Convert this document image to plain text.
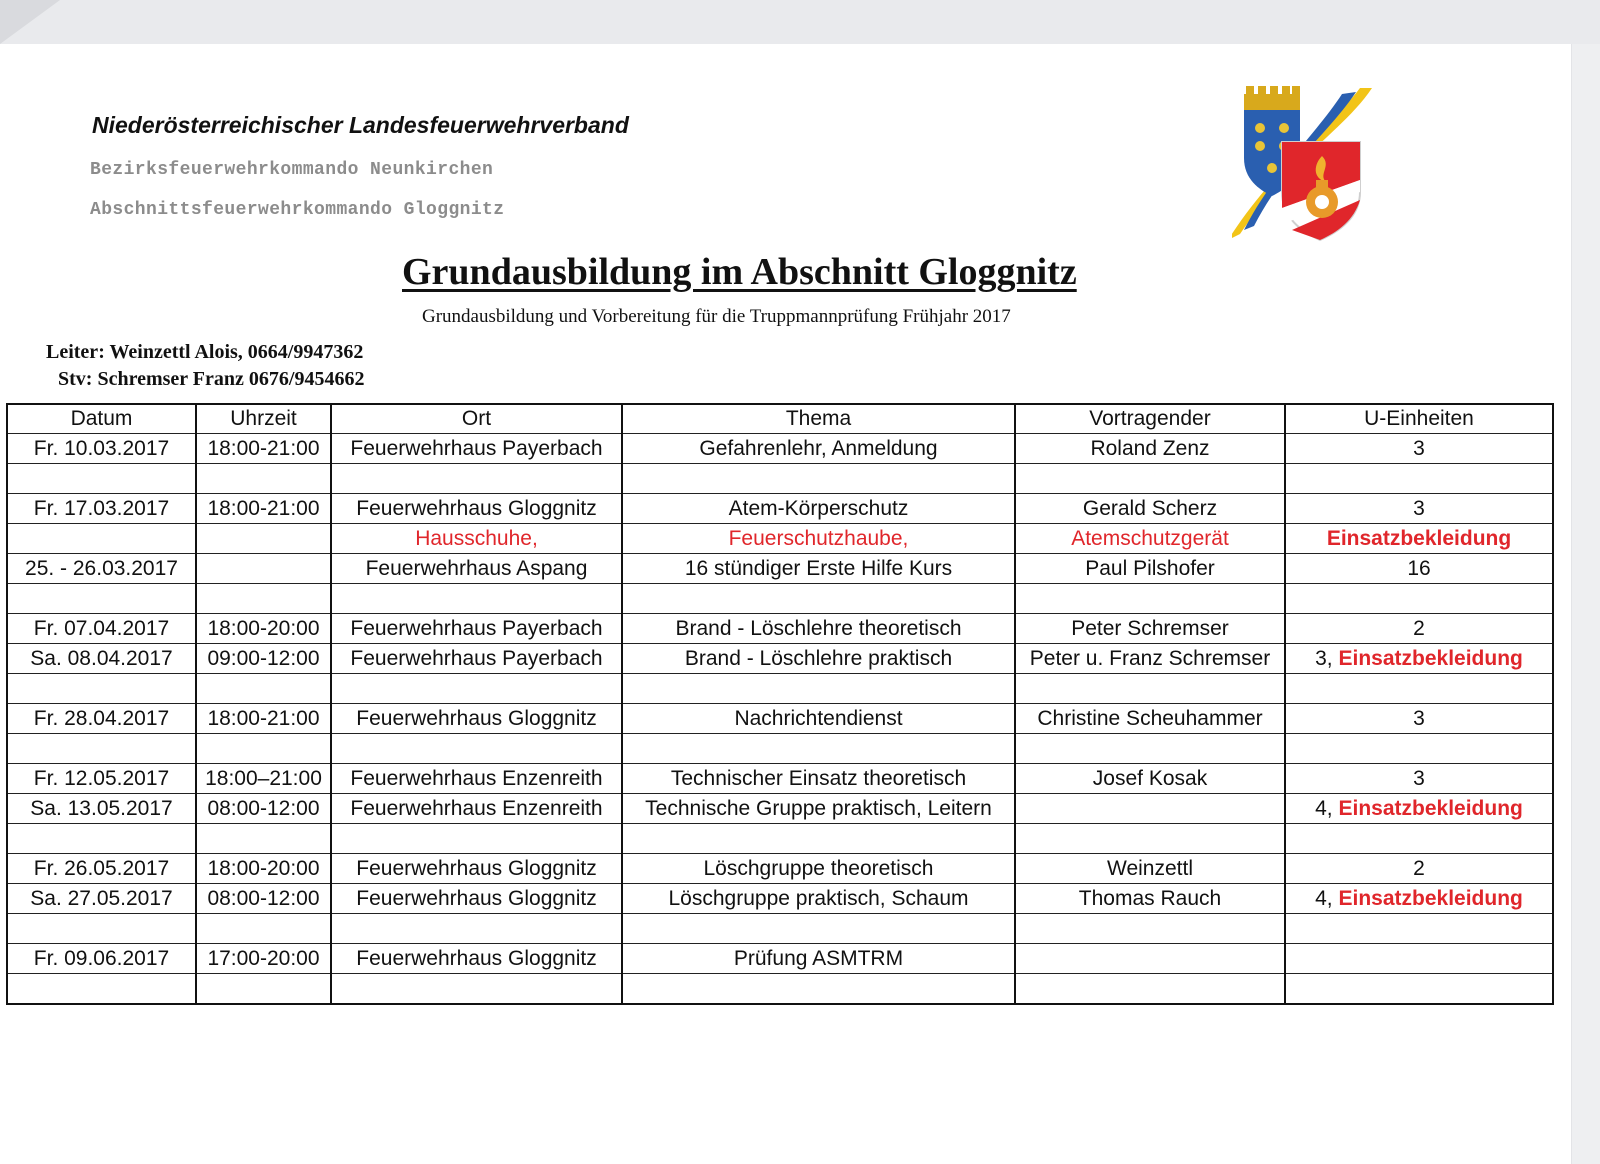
Niederösterreichischer Landesfeuerwehrverband
Bezirksfeuerwehrkommando Neunkirchen
Abschnittsfeuerwehrkommando Gloggnitz
Grundausbildung im Abschnitt Gloggnitz
Grundausbildung und Vorbereitung für die Truppmannprüfung Frühjahr 2017
Leiter: Weinzettl Alois, 0664/9947362
Stv: Schremser Franz 0676/9454662
Datum	Uhrzeit	Ort	Thema	Vortragender	U-Einheiten
Fr. 10.03.2017	18:00-21:00	Feuerwehrhaus Payerbach	Gefahrenlehr, Anmeldung	Roland Zenz	3

Fr. 17.03.2017	18:00-21:00	Feuerwehrhaus Gloggnitz	Atem-Körperschutz	Gerald Scherz	3
		Hausschuhe,	Feuerschutzhaube,	Atemschutzgerät	Einsatzbekleidung
25. - 26.03.2017		Feuerwehrhaus Aspang	16 stündiger Erste Hilfe Kurs	Paul Pilshofer	16

Fr. 07.04.2017	18:00-20:00	Feuerwehrhaus Payerbach	Brand - Löschlehre theoretisch	Peter Schremser	2
Sa. 08.04.2017	09:00-12:00	Feuerwehrhaus Payerbach	Brand - Löschlehre praktisch	Peter u. Franz Schremser	3, Einsatzbekleidung

Fr. 28.04.2017	18:00-21:00	Feuerwehrhaus Gloggnitz	Nachrichtendienst	Christine Scheuhammer	3

Fr. 12.05.2017	18:00–21:00	Feuerwehrhaus Enzenreith	Technischer Einsatz theoretisch	Josef Kosak	3
Sa. 13.05.2017	08:00-12:00	Feuerwehrhaus Enzenreith	Technische Gruppe praktisch, Leitern		4, Einsatzbekleidung

Fr. 26.05.2017	18:00-20:00	Feuerwehrhaus Gloggnitz	Löschgruppe theoretisch	Weinzettl	2
Sa. 27.05.2017	08:00-12:00	Feuerwehrhaus Gloggnitz	Löschgruppe praktisch, Schaum	Thomas Rauch	4, Einsatzbekleidung

Fr. 09.06.2017	17:00-20:00	Feuerwehrhaus Gloggnitz	Prüfung ASMTRM		
